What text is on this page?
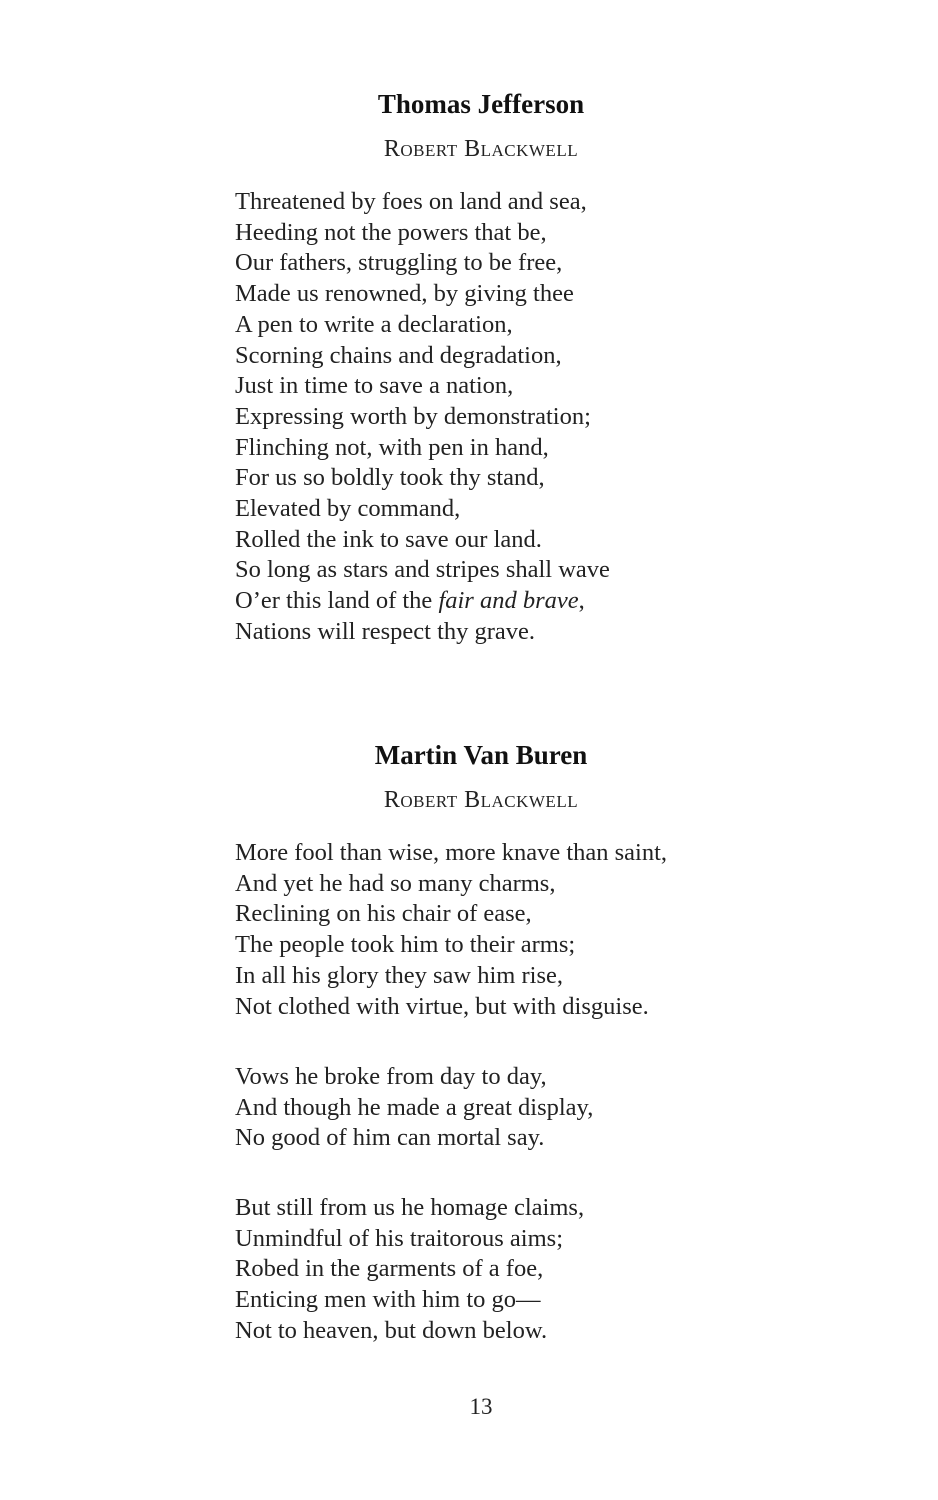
Thomas Jefferson

Robert Blackwell

Threatened by foes on land and sea,
Heeding not the powers that be,
Our fathers, struggling to be free,
Made us renowned, by giving thee
A pen to write a declaration,
Scorning chains and degradation,
Just in time to save a nation,
Expressing worth by demonstration;
Flinching not, with pen in hand,
For us so boldly took thy stand,
Elevated by command,
Rolled the ink to save our land.
So long as stars and stripes shall wave
O’er this land of the fair and brave,
Nations will respect thy grave.
Martin Van Buren

Robert Blackwell

More fool than wise, more knave than saint,
And yet he had so many charms,
Reclining on his chair of ease,
The people took him to their arms;
In all his glory they saw him rise,
Not clothed with virtue, but with disguise.
Vows he broke from day to day,
And though he made a great display,
No good of him can mortal say.
But still from us he homage claims,
Unmindful of his traitorous aims;
Robed in the garments of a foe,
Enticing men with him to go—
Not to heaven, but down below.
13
